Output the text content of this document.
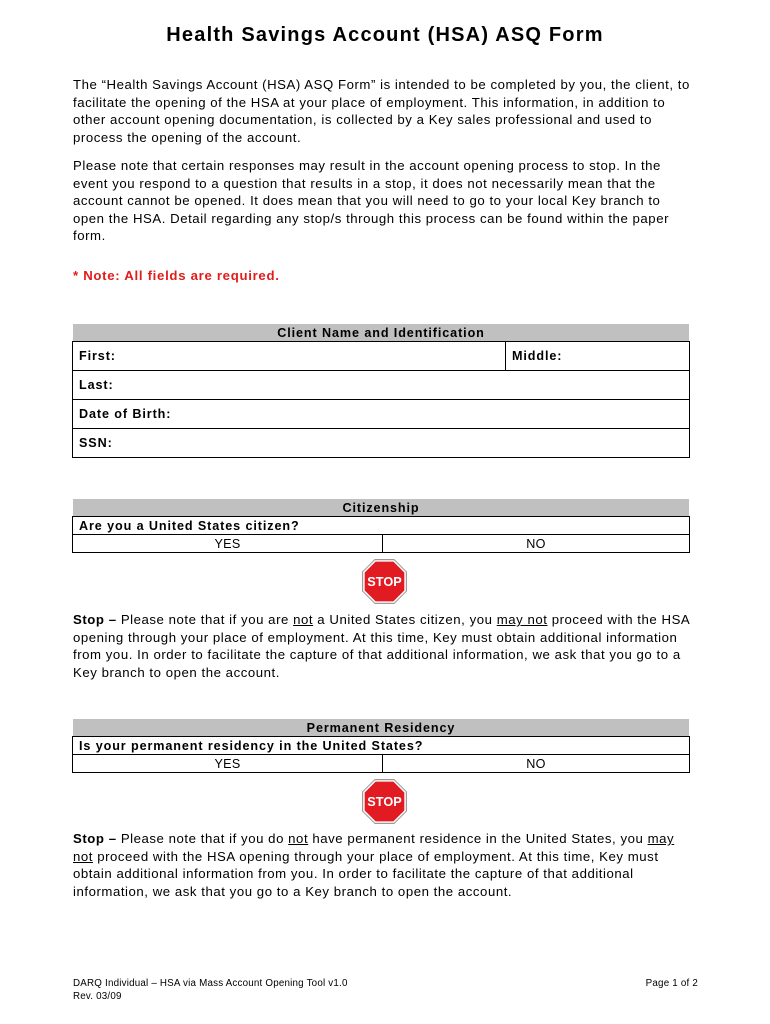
Health Savings Account (HSA) ASQ Form
The “Health Savings Account (HSA) ASQ Form” is intended to be completed by you, the client, to facilitate the opening of the HSA at your place of employment. This information, in addition to other account opening documentation, is collected by a Key sales professional and used to process the opening of the account.
Please note that certain responses may result in the account opening process to stop. In the event you respond to a question that results in a stop, it does not necessarily mean that the account cannot be opened. It does mean that you will need to go to your local Key branch to open the HSA. Detail regarding any stop/s through this process can be found within the paper form.
* Note: All fields are required.
Client Name and Identification
First:	Middle:
Last:
Date of Birth:
SSN:
Citizenship
Are you a United States citizen?
YES	NO
STOP
Stop – Please note that if you are not a United States citizen, you may not proceed with the HSA opening through your place of employment. At this time, Key must obtain additional information from you. In order to facilitate the capture of that additional information, we ask that you go to a Key branch to open the account.
Permanent Residency
Is your permanent residency in the United States?
YES	NO
STOP
Stop – Please note that if you do not have permanent residence in the United States, you may not proceed with the HSA opening through your place of employment. At this time, Key must obtain additional information from you. In order to facilitate the capture of that additional information, we ask that you go to a Key branch to open the account.
DARQ Individual – HSA via Mass Account Opening Tool v1.0
Rev. 03/09
Page 1 of 2
